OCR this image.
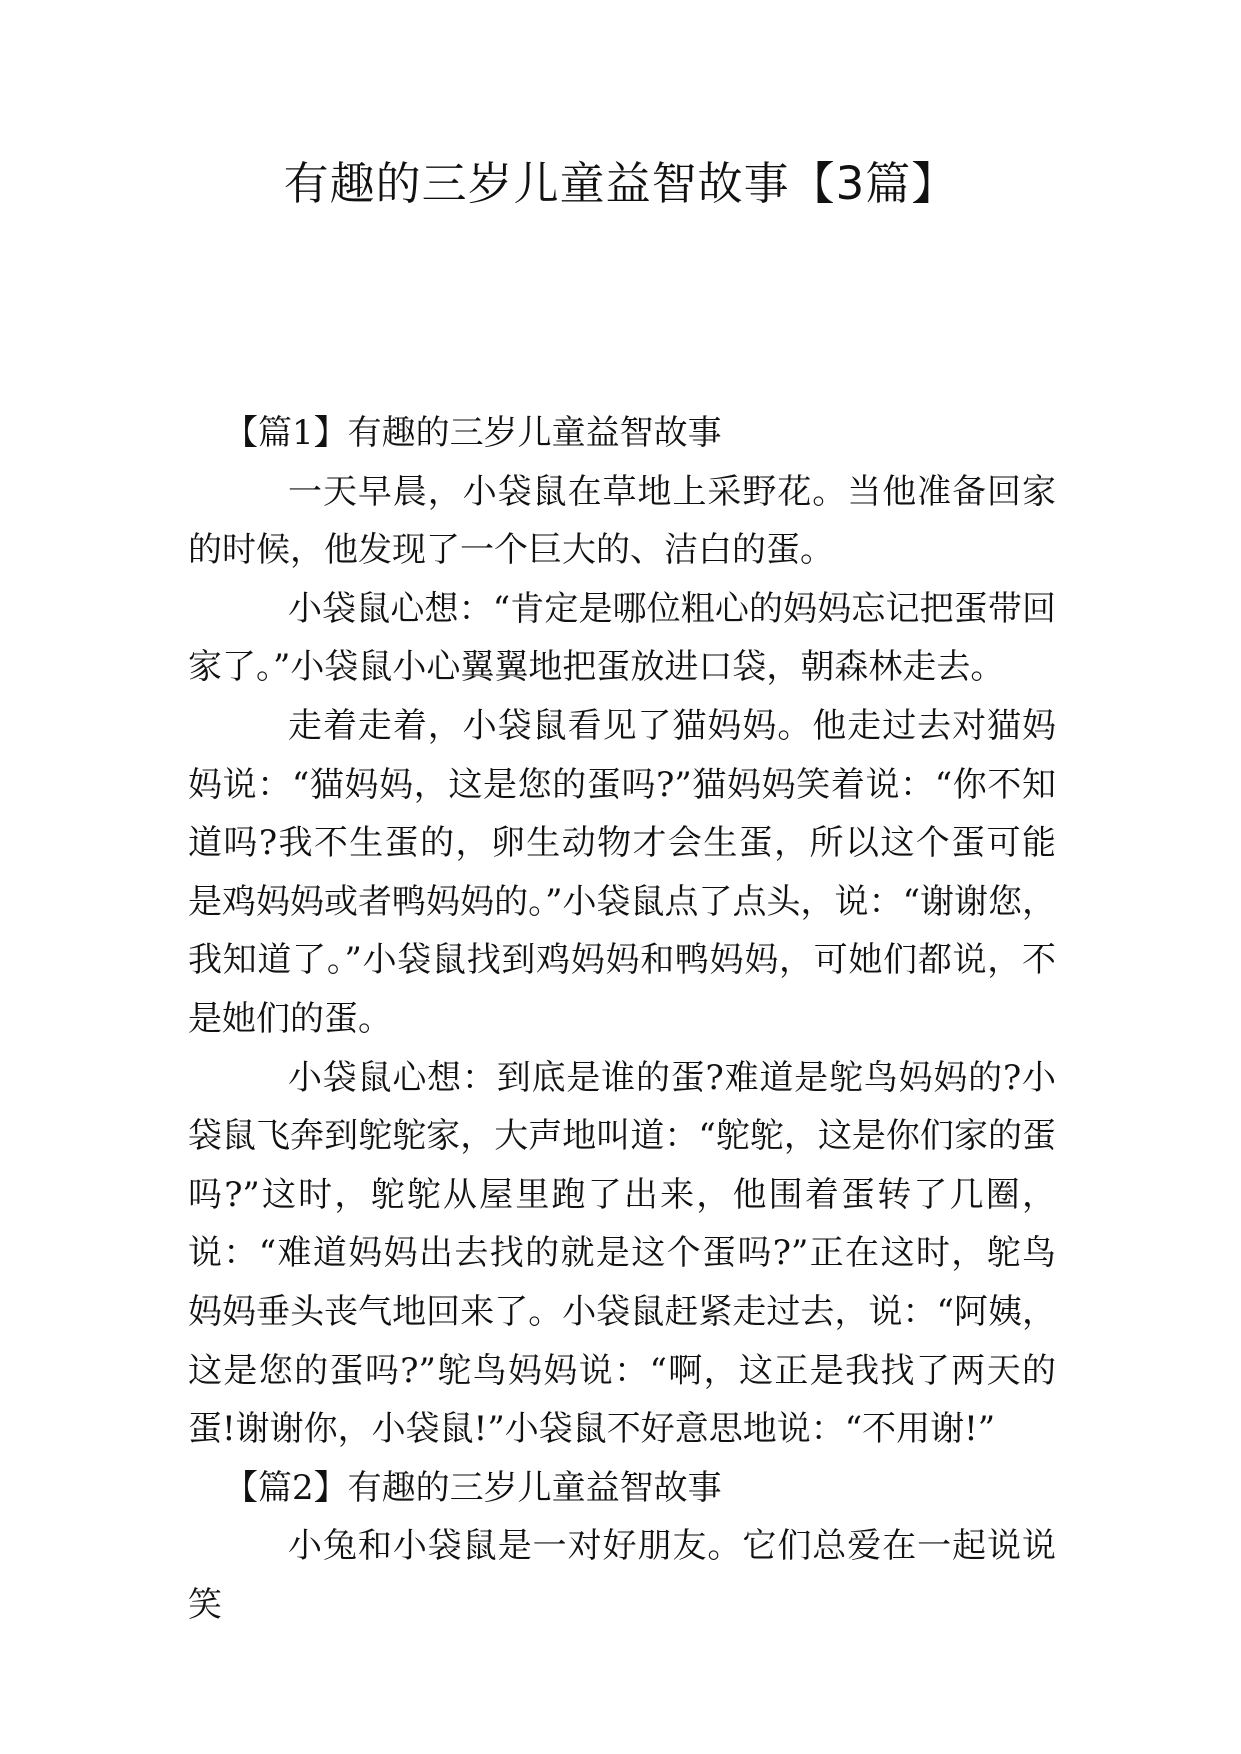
有趣的三岁儿童益智故事【3篇】

【篇1】有趣的三岁儿童益智故事

一天早晨，小袋鼠在草地上采野花。当他准备回家的时候，他发现了一个巨大的、洁白的蛋。

小袋鼠心想：“肯定是哪位粗心的妈妈忘记把蛋带回家了。”小袋鼠小心翼翼地把蛋放进口袋，朝森林走去。

走着走着，小袋鼠看见了猫妈妈。他走过去对猫妈妈说：“猫妈妈，这是您的蛋吗?”猫妈妈笑着说：“你不知道吗?我不生蛋的，卵生动物才会生蛋，所以这个蛋可能是鸡妈妈或者鸭妈妈的。”小袋鼠点了点头，说：“谢谢您，我知道了。”小袋鼠找到鸡妈妈和鸭妈妈，可她们都说，不是她们的蛋。

小袋鼠心想：到底是谁的蛋?难道是鸵鸟妈妈的?小袋鼠飞奔到鸵鸵家，大声地叫道：“鸵鸵，这是你们家的蛋吗?”这时，鸵鸵从屋里跑了出来，他围着蛋转了几圈，说：“难道妈妈出去找的就是这个蛋吗?”正在这时，鸵鸟妈妈垂头丧气地回来了。小袋鼠赶紧走过去，说：“阿姨，这是您的蛋吗?”鸵鸟妈妈说：“啊，这正是我找了两天的蛋!谢谢你，小袋鼠!”小袋鼠不好意思地说：“不用谢!”

【篇2】有趣的三岁儿童益智故事

小兔和小袋鼠是一对好朋友。它们总爱在一起说说笑
